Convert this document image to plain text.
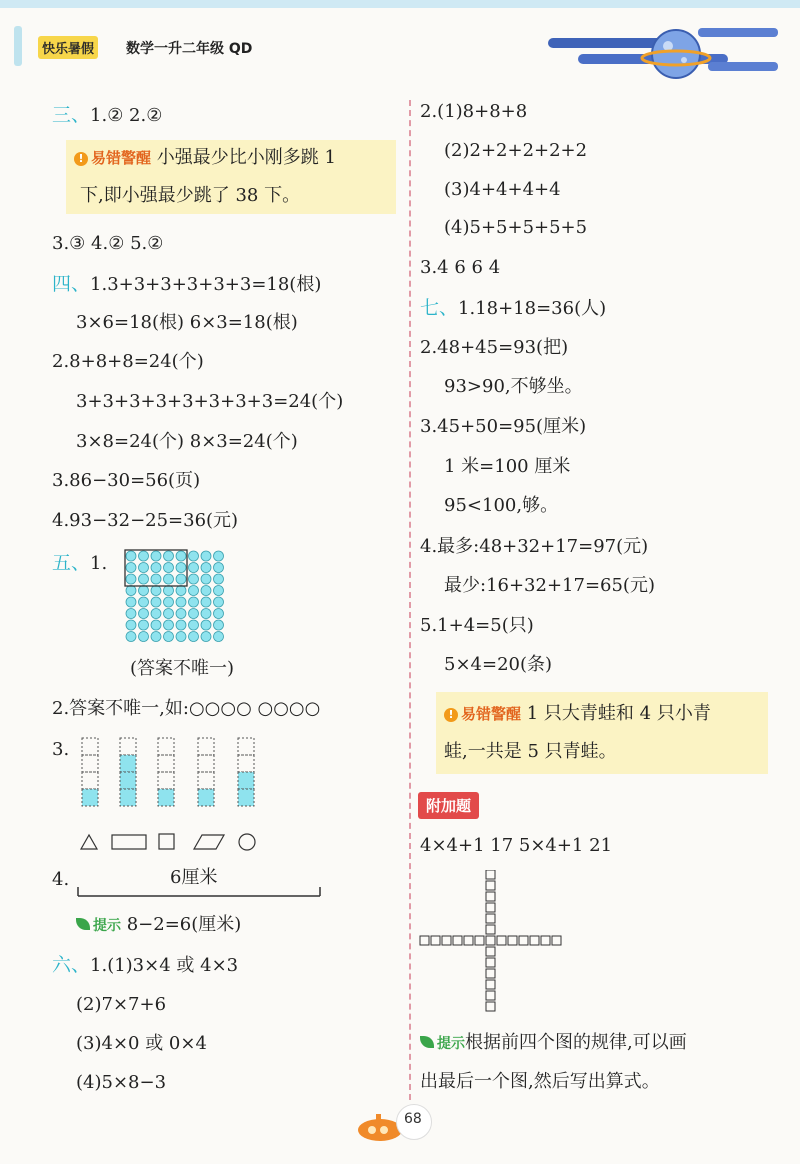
快乐暑假 数学一升二年级 QD
三、1.② 2.②
! 易错警醒 小强最少比小刚多跳 1
下,即小强最少跳了 38 下。
3.③ 4.② 5.②
四、1.3+3+3+3+3+3=18(根)
3×6=18(根) 6×3=18(根)
2.8+8+8=24(个)
3+3+3+3+3+3+3+3=24(个)
3×8=24(个) 8×3=24(个)
3.86−30=56(页)
4.93−32−25=36(元)
五、1.
(答案不唯一)
2.答案不唯一,如:○○○○ ○○○○
3.
4.	6厘米
提示 8−2=6(厘米)
六、1.(1)3×4 或 4×3
(2)7×7+6
(3)4×0 或 0×4
(4)5×8−3
2.(1)8+8+8
(2)2+2+2+2+2
(3)4+4+4+4
(4)5+5+5+5+5
3.4 6 6 4
七、1.18+18=36(人)
2.48+45=93(把)
93>90,不够坐。
3.45+50=95(厘米)
1 米=100 厘米
95<100,够。
4.最多:48+32+17=97(元)
最少:16+32+17=65(元)
5.1+4=5(只)
5×4=20(条)
! 易错警醒 1 只大青蛙和 4 只小青
蛙,一共是 5 只青蛙。
附加题
4×4+1 17 5×4+1 21
提示根据前四个图的规律,可以画
出最后一个图,然后写出算式。
68
